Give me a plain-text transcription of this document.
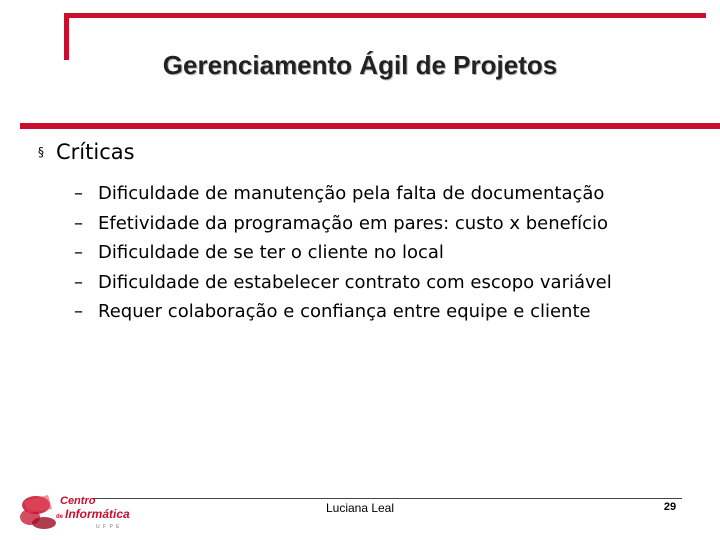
Gerenciamento Ágil de Projetos
§ Críticas
– Dificuldade de manutenção pela falta de documentação
– Efetividade da programação em pares: custo x benefício
– Dificuldade de se ter o cliente no local
– Dificuldade de estabelecer contrato com escopo variável
– Requer colaboração e confiança entre equipe e cliente
Centro
de Informática
U F P E
Luciana Leal	29
